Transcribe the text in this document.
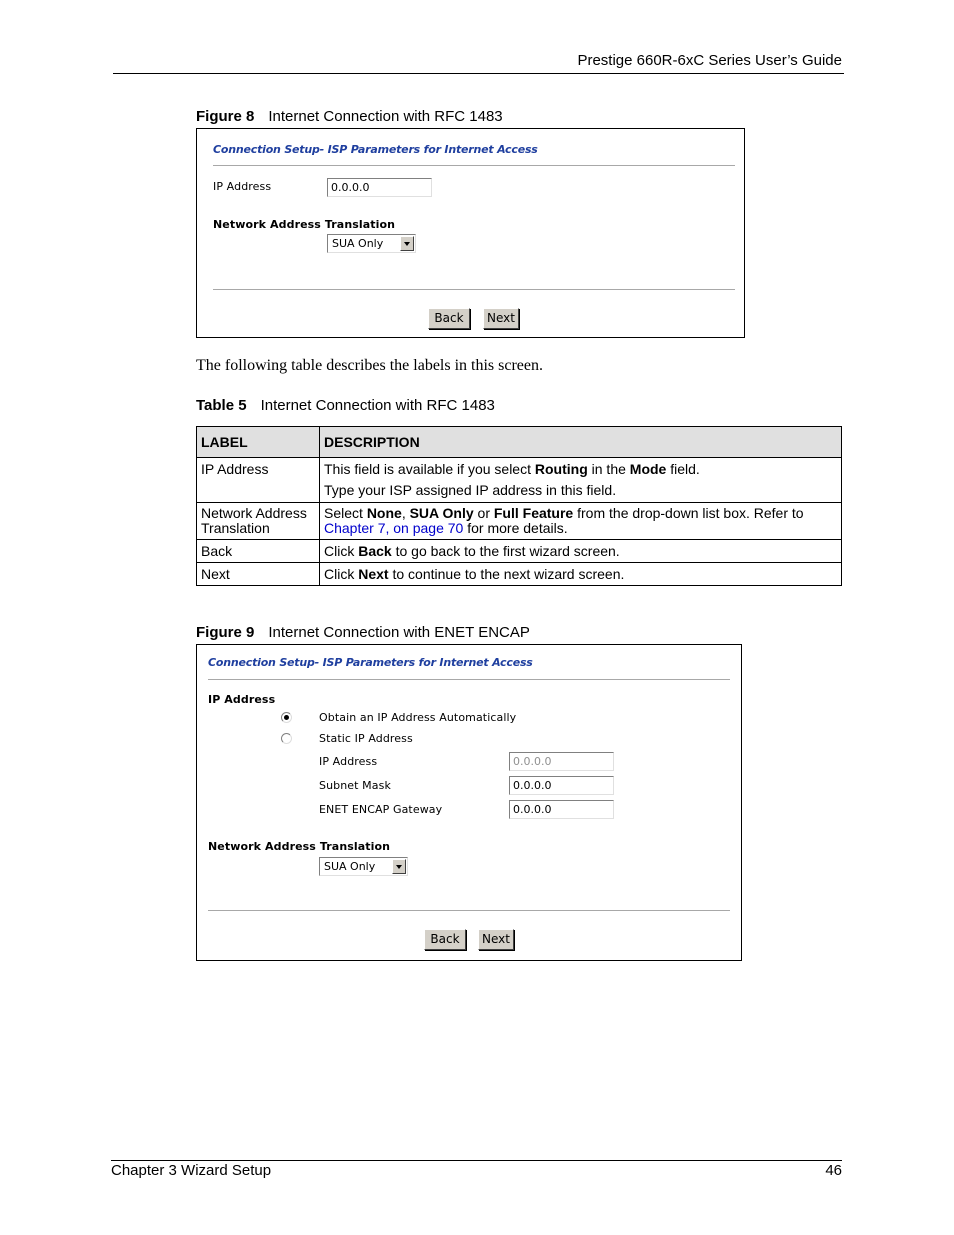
Prestige 660R-6xC Series User’s Guide
Figure 8 Internet Connection with RFC 1483
Connection Setup- ISP Parameters for Internet Access
IP Address	0.0.0.0
Network Address Translation
SUA Only
Back	Next
The following table describes the labels in this screen.
Table 5 Internet Connection with RFC 1483
LABEL	DESCRIPTION
IP Address	This field is available if you select Routing in the Mode field.

Type your ISP assigned IP address in this field.

Network Address Translation	Select None, SUA Only or Full Feature from the drop-down list box. Refer to Chapter 7, on page 70 for more details.
Back	Click Back to go back to the first wizard screen.
Next	Click Next to continue to the next wizard screen.
Figure 9 Internet Connection with ENET ENCAP
Connection Setup- ISP Parameters for Internet Access
IP Address
Obtain an IP Address Automatically
Static IP Address
IP Address	0.0.0.0
Subnet Mask	0.0.0.0
ENET ENCAP Gateway	0.0.0.0
Network Address Translation
SUA Only
Back	Next
Chapter 3 Wizard Setup	46
